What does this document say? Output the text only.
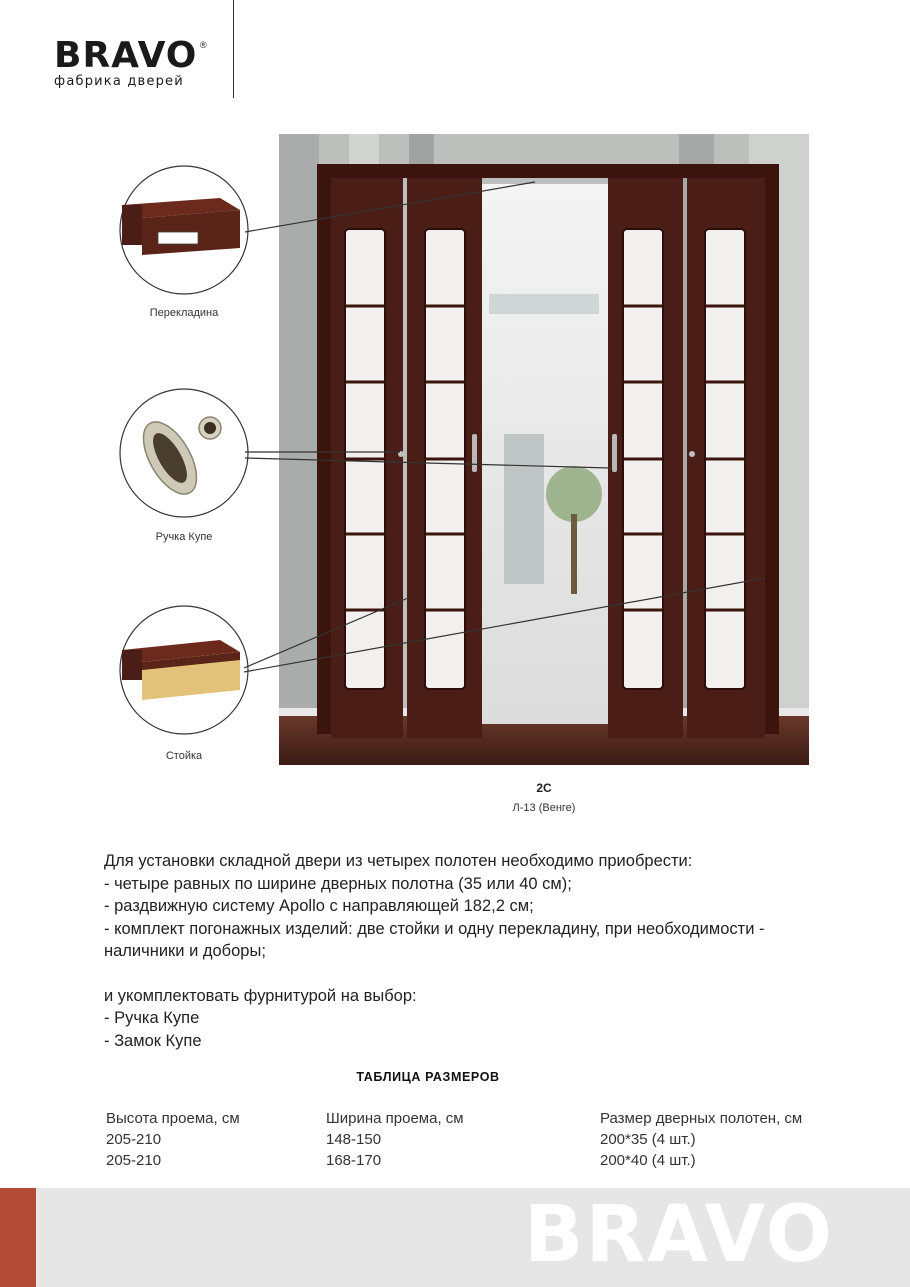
BRAVO ®
фабрика дверей
Перекладина
Ручка Купе
Стойка
2С
Л-13 (Венге)
Для установки складной двери из четырех полотен необходимо приобрести:
- четыре равных по ширине дверных полотна (35 или 40 см);
- раздвижную систему Apollo с направляющей 182,2 см;
- комплект погонажных изделий: две стойки и одну перекладину, при необходимости -
наличники и доборы;
и укомплектовать фурнитурой на выбор:
- Ручка Купе
- Замок Купе
ТАБЛИЦА РАЗМЕРОВ
Высота проема, см
205-210
205-210
Ширина проема, см
148-150
168-170
Размер дверных полотен, см
200*35 (4 шт.)
200*40 (4 шт.)
BRAVO
